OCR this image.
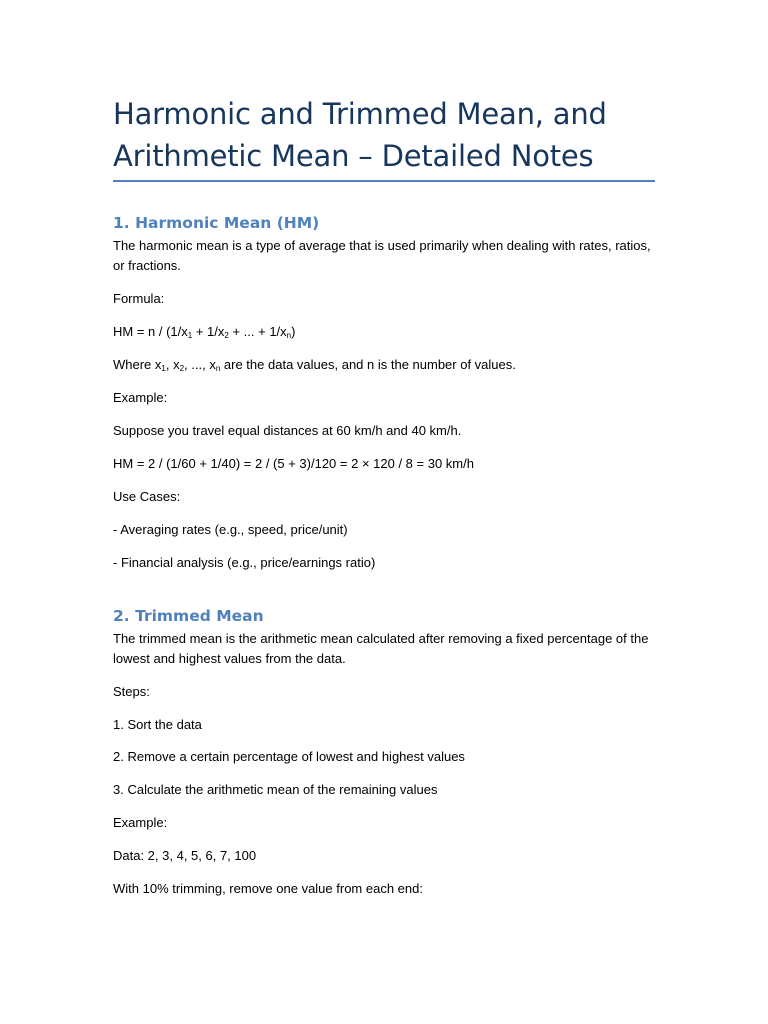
Harmonic and Trimmed Mean, and Arithmetic Mean – Detailed Notes
1. Harmonic Mean (HM)

The harmonic mean is a type of average that is used primarily when dealing with rates, ratios, or fractions.

Formula:

HM = $n / (1/x_1 + 1/x_2$ + ... + $1/x_n$)

Where $x_1$, $x_2$, ..., $x_n$ are the data values, and n is the number of values.

Example:

Suppose you travel equal distances at 60 km/h and 40 km/h.

HM = 2 / (1/60 + 1/40) = 2 / (5 + 3)/120 = 2 × 120 / 8 = 30 km/h

Use Cases:

- Averaging rates (e.g., speed, price/unit)

- Financial analysis (e.g., price/earnings ratio)

2. Trimmed Mean

The trimmed mean is the arithmetic mean calculated after removing a fixed percentage of the lowest and highest values from the data.

Steps:

1. Sort the data

2. Remove a certain percentage of lowest and highest values

3. Calculate the arithmetic mean of the remaining values

Example:

Data: 2, 3, 4, 5, 6, 7, 100

With 10% trimming, remove one value from each end:
